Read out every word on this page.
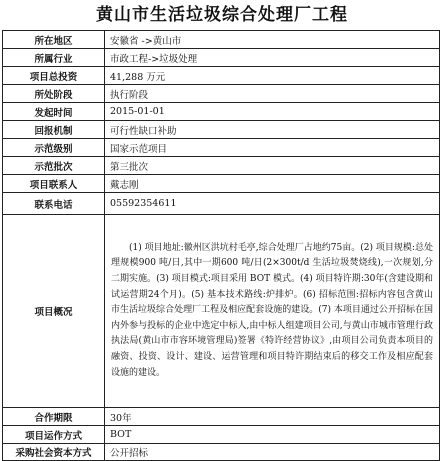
黄山市生活垃圾综合处理厂工程
所在地区	安徽省 ->黄山市
所属行业	市政工程->垃圾处理
项目总投资	41,288 万元
所处阶段	执行阶段
发起时间	2015-01-01
回报机制	可行性缺口补助
示范级别	国家示范项目
示范批次	第三批次
项目联系人	戴志刚
联系电话	05592354611
项目概况	(1) 项目地址:徽州区洪坑村毛亭,综合处理厂占地约75亩。(2) 项目规模:总处理规模900 吨/日,其中一期600 吨/日(2×300t/d 生活垃圾焚烧线),一次规划,分二期实施。(3) 项目模式:项目采用 BOT 模式。(4) 项目特许期:30年(含建设期和试运营期24个月)。(5) 基本技术路线:炉排炉。(6) 招标范围:招标内容包含黄山市生活垃圾综合处理厂工程及相应配套设施的建设。(7) 本项目通过公开招标在国内外参与投标的企业中选定中标人,由中标人组建项目公司,与黄山市城市管理行政执法局(黄山市市容环境管理局)签署《特许经营协议》,由项目公司负责本项目的融资、投资、设计、建设、运营管理和项目特许期结束后的移交工作及相应配套设施的建设。

合作期限	30年
项目运作方式	BOT
采购社会资本方式	公开招标
